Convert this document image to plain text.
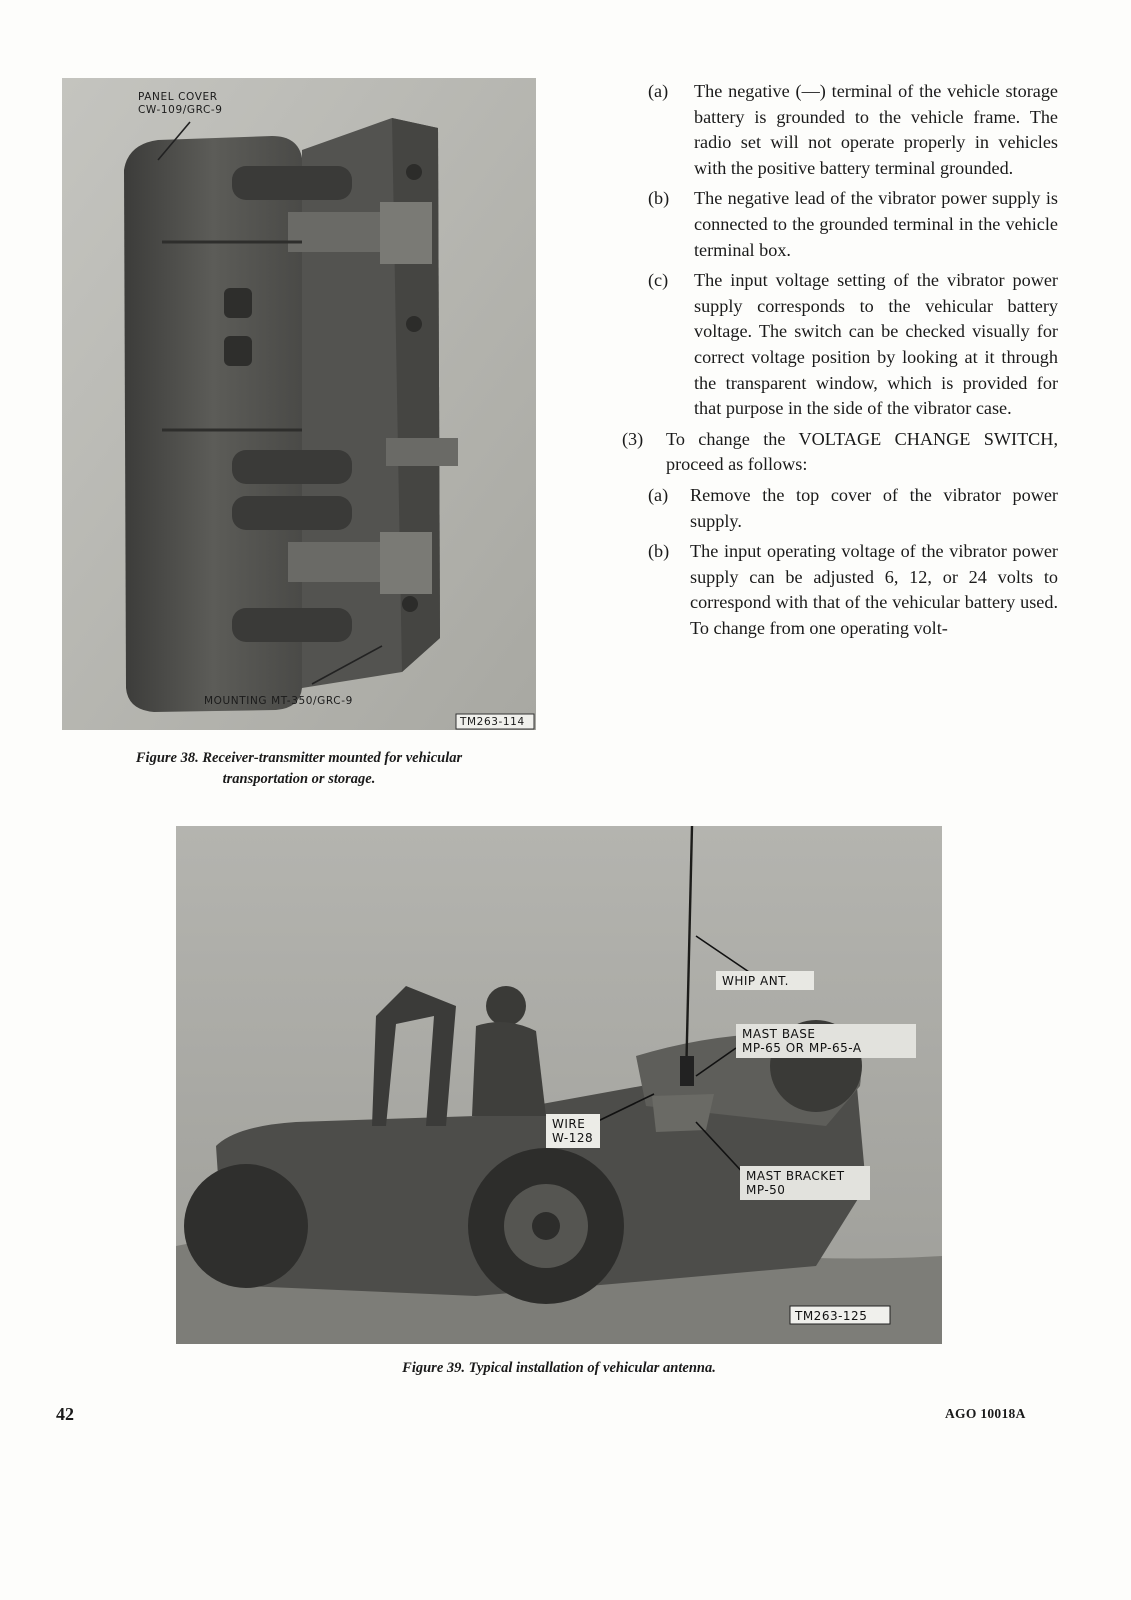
PANEL COVER
CW-109/GRC-9
MOUNTING MT-350/GRC-9
TM263-114
Figure 38. Receiver-transmitter mounted for vehicular
transportation or storage.
(a) The negative (—) terminal of the vehicle storage battery is grounded to the vehicle frame. The radio set will not operate properly in vehicles with the positive battery terminal grounded.
(b) The negative lead of the vibrator power supply is connected to the grounded terminal in the vehicle terminal box.
(c) The input voltage setting of the vibrator power supply corresponds to the vehicular battery voltage. The switch can be checked visually for correct voltage position by looking at it through the transparent window, which is provided for that purpose in the side of the vibrator case.
(3) To change the VOLTAGE CHANGE SWITCH, proceed as follows:
(a) Remove the top cover of the vibrator power supply.
(b) The input operating voltage of the vibrator power supply can be adjusted 6, 12, or 24 volts to correspond with that of the vehicular battery used. To change from one operating volt-
WHIP ANT.
MAST BASE
MP-65 OR MP-65-A
WIRE
W-128
MAST BRACKET
MP-50
TM263-125
Figure 39. Typical installation of vehicular antenna.
42	AGO 10018A
